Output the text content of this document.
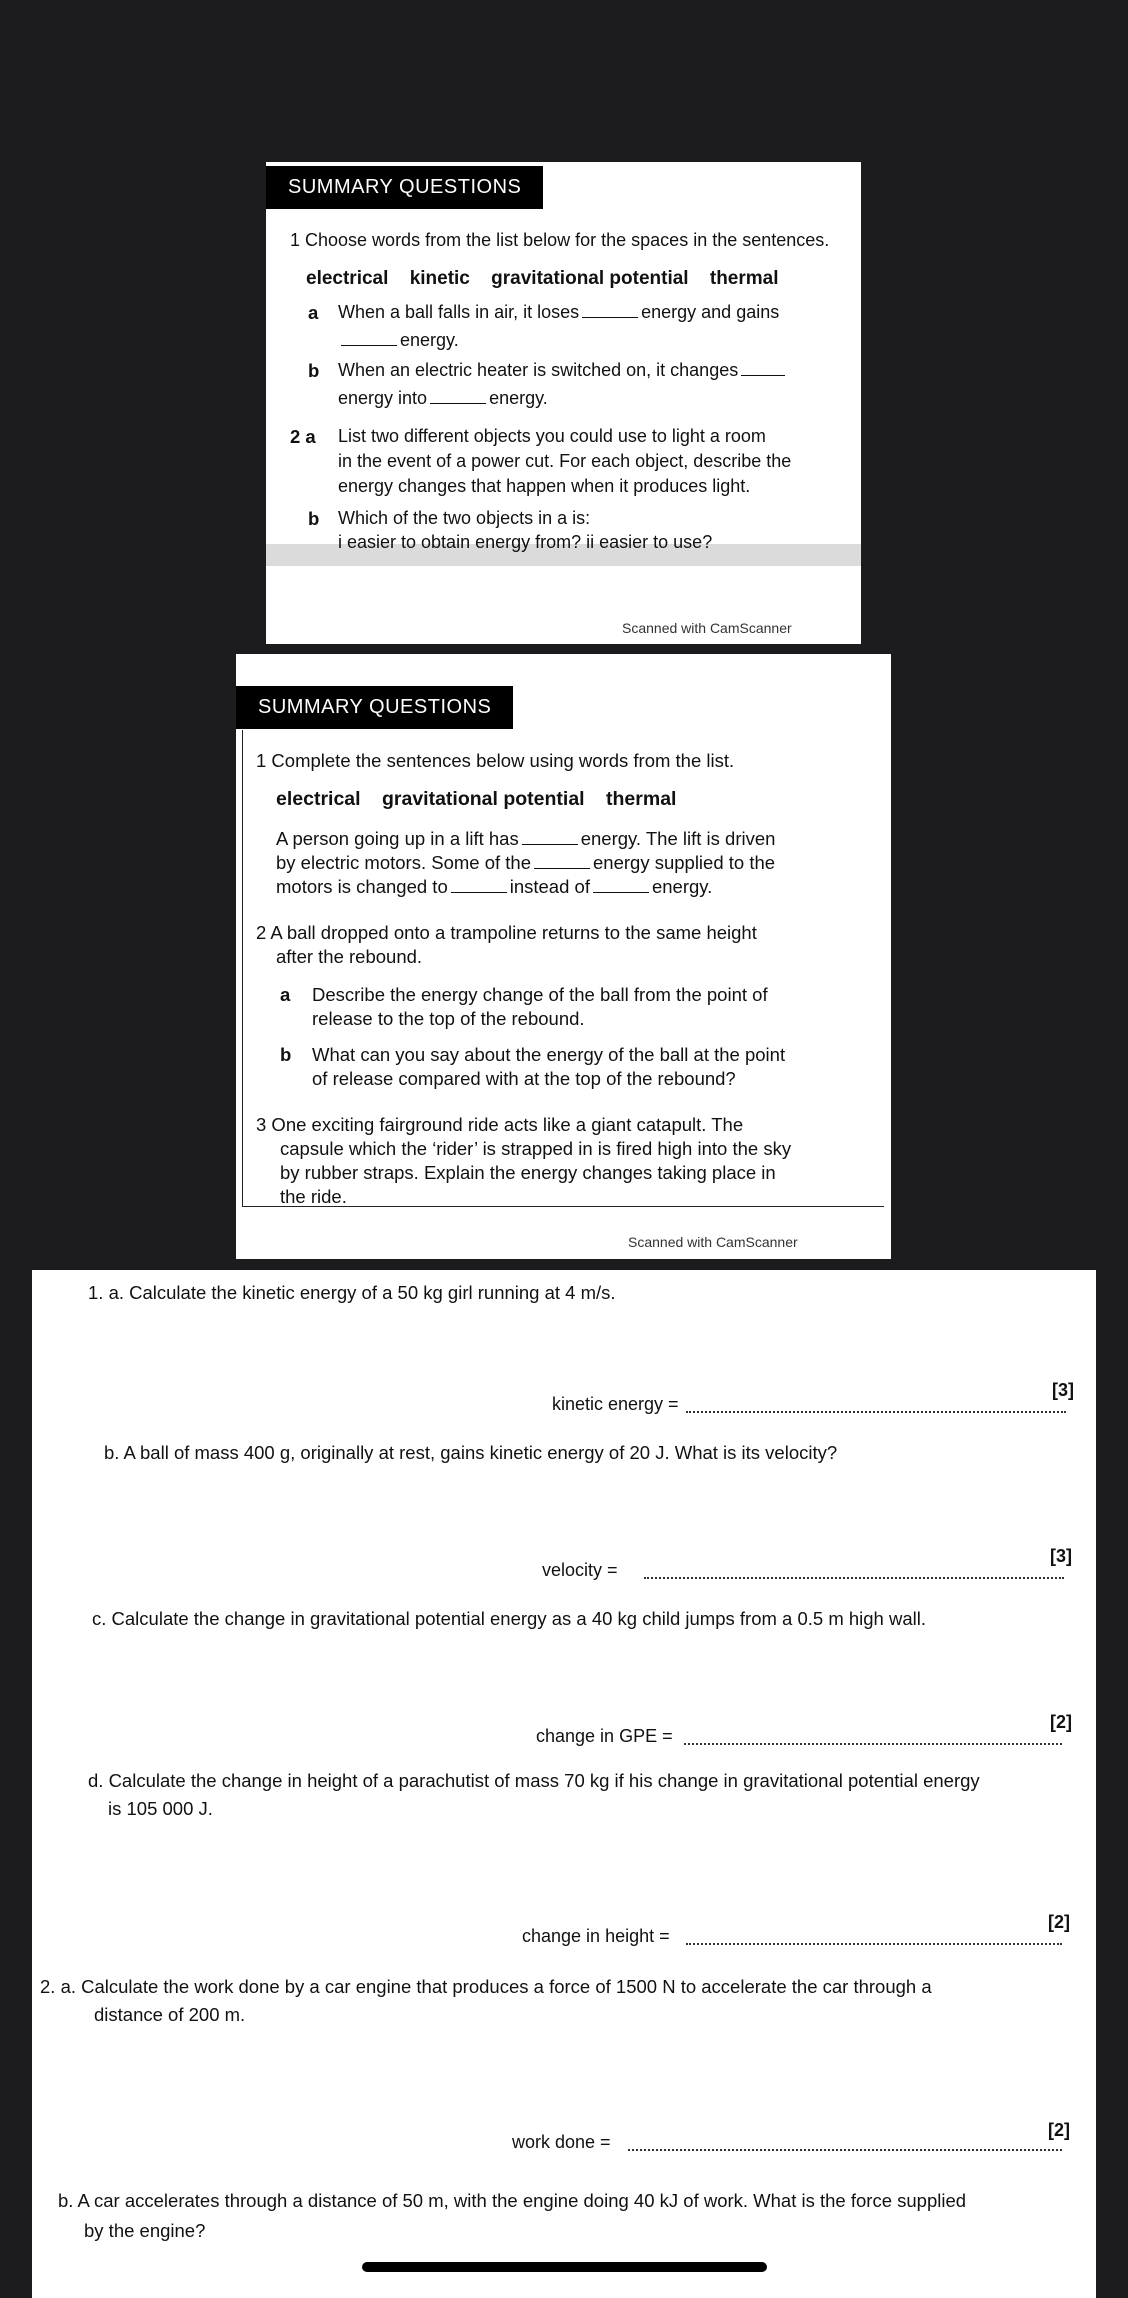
SUMMARY QUESTIONS
1 Choose words from the list below for the spaces in the sentences.
electrical kinetic gravitational potential thermal
a When a ball falls in air, it loses	energy and gains
energy.
b When an electric heater is switched on, it changes
energy into	energy.
2 a List two different objects you could use to light a room
in the event of a power cut. For each object, describe the
energy changes that happen when it produces light.
b Which of the two objects in a is:
i easier to obtain energy from? ii easier to use?
Scanned with CamScanner
SUMMARY QUESTIONS
1 Complete the sentences below using words from the list.
electrical gravitational potential thermal
A person going up in a lift has	energy. The lift is driven
by electric motors. Some of the	energy supplied to the
motors is changed to	instead of	energy.
2 A ball dropped onto a trampoline returns to the same height
after the rebound.
a Describe the energy change of the ball from the point of
release to the top of the rebound.
b What can you say about the energy of the ball at the point
of release compared with at the top of the rebound?
3 One exciting fairground ride acts like a giant catapult. The
capsule which the ‘rider’ is strapped in is fired high into the sky
by rubber straps. Explain the energy changes taking place in
the ride.
Scanned with CamScanner
1. a. Calculate the kinetic energy of a 50 kg girl running at 4 m/s.
kinetic energy =
[3]
b. A ball of mass 400 g, originally at rest, gains kinetic energy of 20 J. What is its velocity?
velocity =
[3]
c. Calculate the change in gravitational potential energy as a 40 kg child jumps from a 0.5 m high wall.
change in GPE =
[2]
d. Calculate the change in height of a parachutist of mass 70 kg if his change in gravitational potential energy
is 105 000 J.
change in height =
[2]
2. a. Calculate the work done by a car engine that produces a force of 1500 N to accelerate the car through a
distance of 200 m.
work done =
[2]
b. A car accelerates through a distance of 50 m, with the engine doing 40 kJ of work. What is the force supplied
by the engine?
